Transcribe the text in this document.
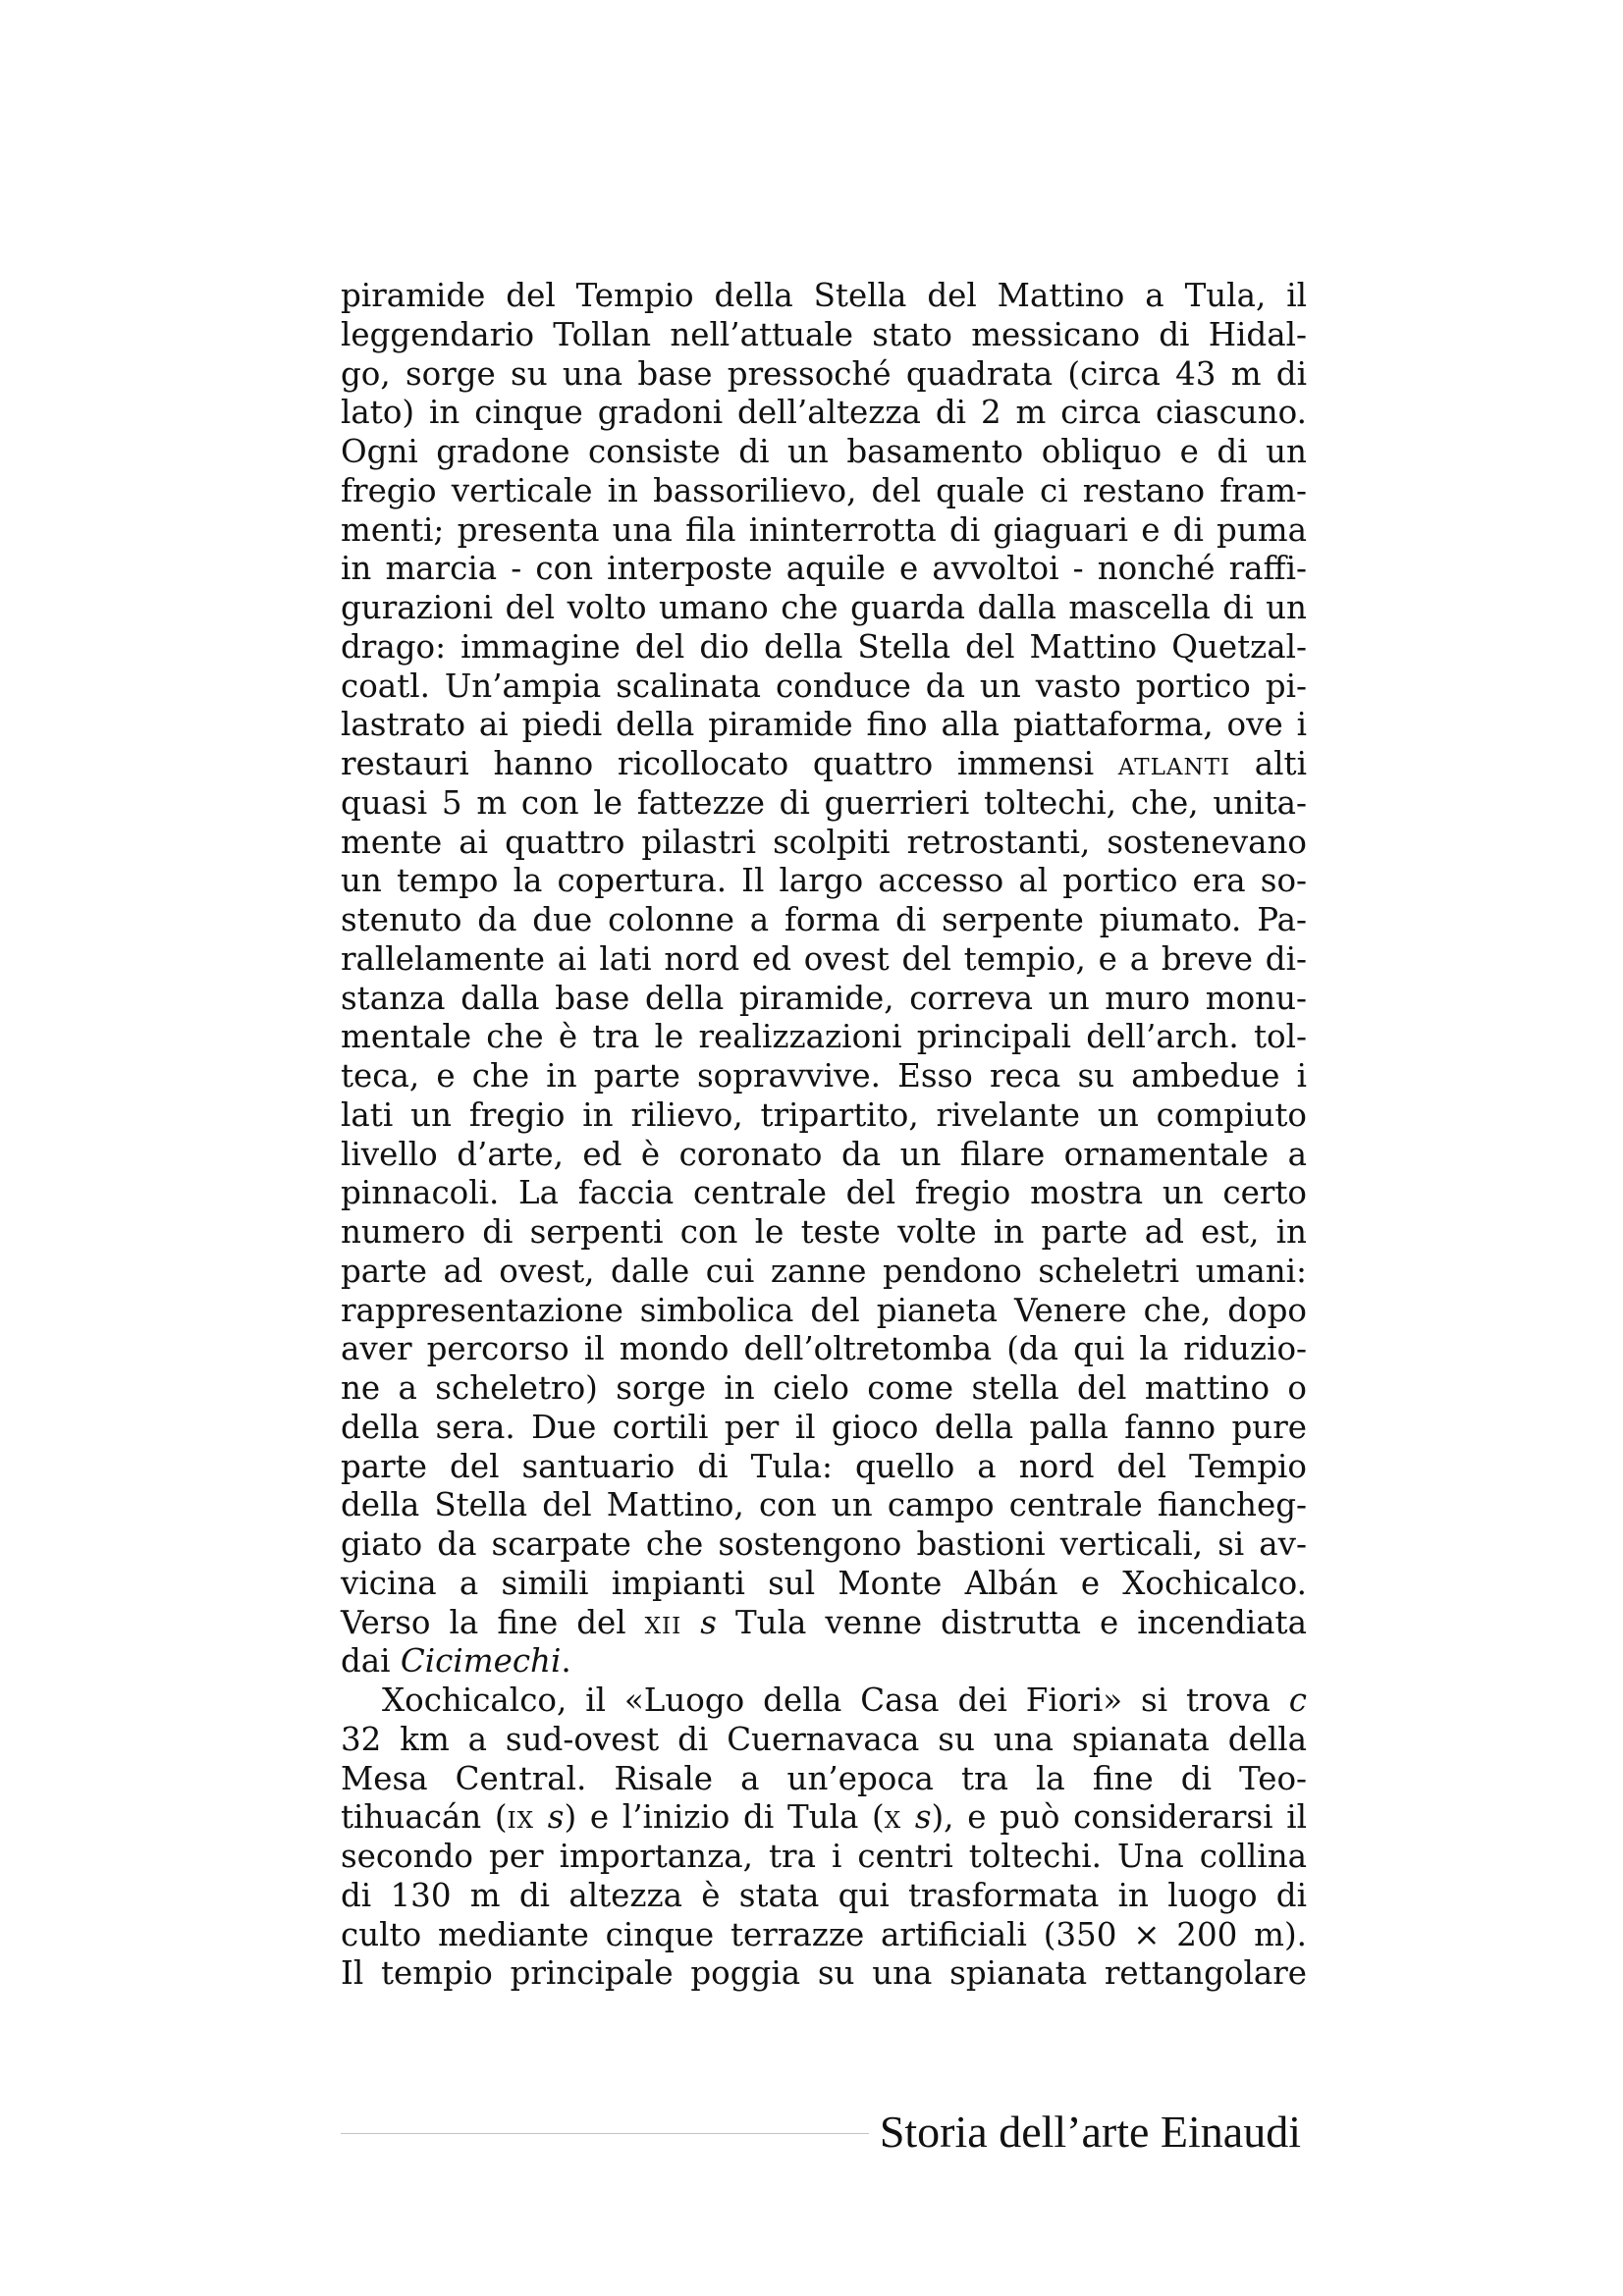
piramide del Tempio della Stella del Mattino a Tula, il
leggendario Tollan nell’attuale stato messicano di Hidal-
go, sorge su una base pressoché quadrata (circa 43 m di
lato) in cinque gradoni dell’altezza di 2 m circa ciascuno.
Ogni gradone consiste di un basamento obliquo e di un
fregio verticale in bassorilievo, del quale ci restano fram-
menti; presenta una fila ininterrotta di giaguari e di puma
in marcia - con interposte aquile e avvoltoi - nonché raffi-
gurazioni del volto umano che guarda dalla mascella di un
drago: immagine del dio della Stella del Mattino Quetzal-
coatl. Un’ampia scalinata conduce da un vasto portico pi-
lastrato ai piedi della piramide fino alla piattaforma, ove i
restauri hanno ricollocato quattro immensi atlanti alti
quasi 5 m con le fattezze di guerrieri toltechi, che, unita-
mente ai quattro pilastri scolpiti retrostanti, sostenevano
un tempo la copertura. Il largo accesso al portico era so-
stenuto da due colonne a forma di serpente piumato. Pa-
rallelamente ai lati nord ed ovest del tempio, e a breve di-
stanza dalla base della piramide, correva un muro monu-
mentale che è tra le realizzazioni principali dell’arch. tol-
teca, e che in parte sopravvive. Esso reca su ambedue i
lati un fregio in rilievo, tripartito, rivelante un compiuto
livello d’arte, ed è coronato da un filare ornamentale a
pinnacoli. La faccia centrale del fregio mostra un certo
numero di serpenti con le teste volte in parte ad est, in
parte ad ovest, dalle cui zanne pendono scheletri umani:
rappresentazione simbolica del pianeta Venere che, dopo
aver percorso il mondo dell’oltretomba (da qui la riduzio-
ne a scheletro) sorge in cielo come stella del mattino o
della sera. Due cortili per il gioco della palla fanno pure
parte del santuario di Tula: quello a nord del Tempio
della Stella del Mattino, con un campo centrale fiancheg-
giato da scarpate che sostengono bastioni verticali, si av-
vicina a simili impianti sul Monte Albán e Xochicalco.
Verso la fine del xii s Tula venne distrutta e incendiata
dai Cicimechi.
Xochicalco, il «Luogo della Casa dei Fiori» si trova c
32 km a sud-ovest di Cuernavaca su una spianata della
Mesa Central. Risale a un’epoca tra la fine di Teo-
tihuacán (ix s) e l’inizio di Tula (x s), e può considerarsi il
secondo per importanza, tra i centri toltechi. Una collina
di 130 m di altezza è stata qui trasformata in luogo di
culto mediante cinque terrazze artificiali (350 × 200 m).
Il tempio principale poggia su una spianata rettangolare
Storia dell’arte Einaudi
